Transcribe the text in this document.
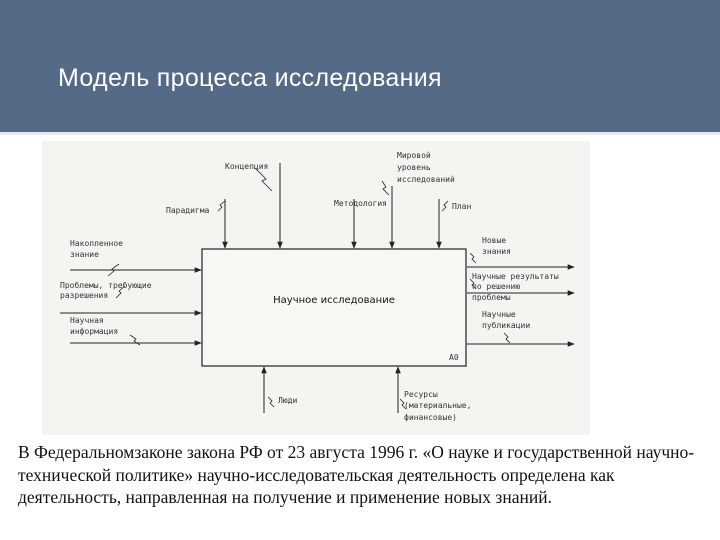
Модель процесса исследования
Научное исследование
A0
Концепция
Парадигма
Методология
Мировой уровень исследований
План
Накопленное знание
Проблемы, требующие разрешения
Научная информация
Новые знания
Научные результаты по решению проблемы
Научные публикации
Люди
Ресурсы (материальные, финансовые)

В Федеральномзаконе закона РФ от 23 августа 1996 г. «О науке и государственной научно-технической политике» научно-исследовательская деятельность определена как деятельность, направленная на получение и применение новых знаний.
